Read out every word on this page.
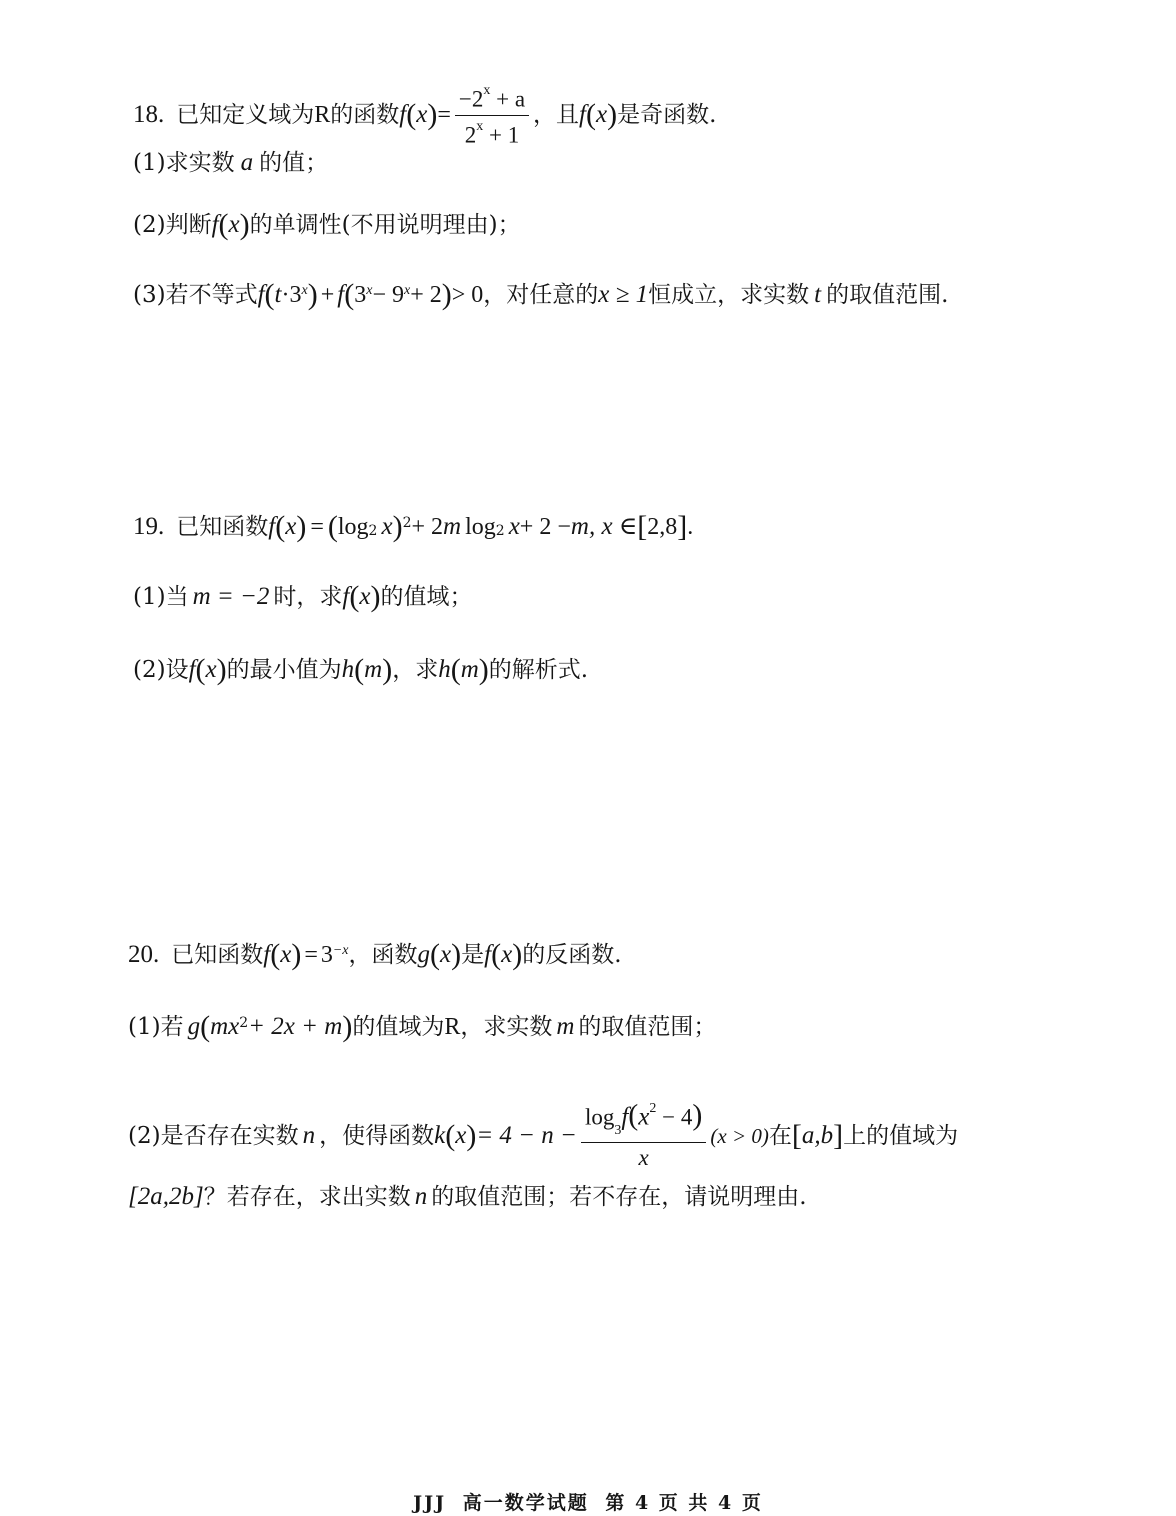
18. 已知定义域为 R 的函数 f ( x ) = $\frac{-2^x + a}{2^x + 1}$ ，且 f ( x ) 是奇函数.
(1)求实数 a 的值；
(2)判断 f ( x ) 的单调性(不用说明理由)；
(3)若不等式 f ( t ·3 x ) + f ( 3 x − 9 x + 2 ) > 0 ，对任意的 x ≥ 1 恒成立，求实数 t 的取值范围.
19. 已知函数 f ( x ) = ( log 2 x ) 2 + 2 m log 2 x + 2 − m , x ∈ [ 2,8 ] .
(1)当 m = −2 时，求 f ( x ) 的值域；
(2)设 f ( x ) 的最小值为 h ( m ) ，求 h ( m ) 的解析式.
20. 已知函数 f ( x ) = 3 −x ，函数 g ( x ) 是 f ( x ) 的反函数.
(1)若 g ( mx 2 + 2x + m ) 的值域为 R ，求实数 m 的取值范围；
(2)是否存在实数 n ，使得函数 k ( x ) = $4 - n - \frac{\log_3f(x^2 - 4)}{x} (x > 0)$ 在 [ a,b ] 上的值域为
[2a,2b] ？若存在，求出实数 n 的取值范围；若不存在，请说明理由.
JJJ 高一数学试题 第 4 页 共 4 页
